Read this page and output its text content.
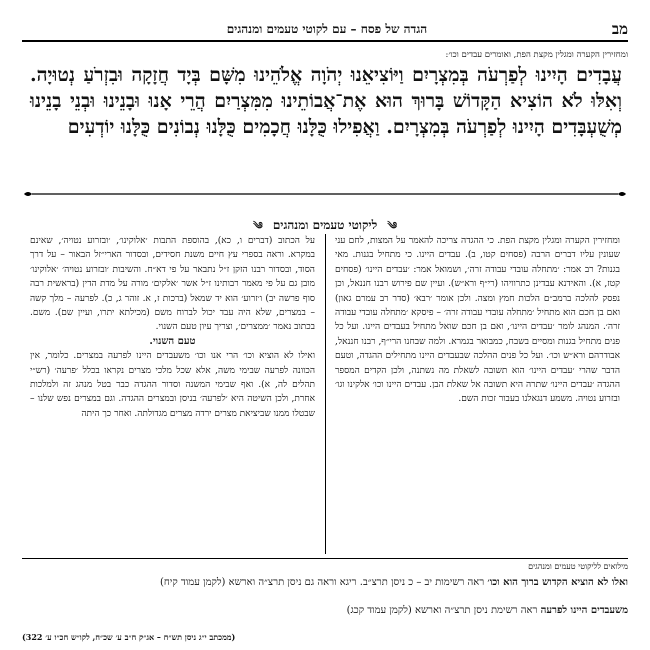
מב
הגדה של פסח – עם לקוטי טעמים ומנהגים
ומחזירין הקערה ומגלין מקצת הפת, ואומרים עבדים וכו׳:
עֲבָדִים הָיִינוּ לְפַרְעֹה בְּמִצְרָיִם וַיּוֹצִיאֵנוּ יְהֹוָה אֱלֹהֵינוּ מִשָּׁם בְּיָד חֲזָקָה וּבִזְרֹעַ נְטוּיָה. וְאִלּוּ לֹא הוֹצִיא הַקָּדוֹשׁ בָּרוּךְ הוּא אֶת־אֲבוֹתֵינוּ מִמִּצְרַיִם הֲרֵי אָנוּ וּבָנֵינוּ וּבְנֵי בָנֵינוּ מְשֻׁעְבָּדִים הָיִינוּ לְפַרְעֹה בְּמִצְרָיִם. וַאֲפִילוּ כֻּלָּנוּ חֲכָמִים כֻּלָּנוּ נְבוֹנִים כֻּלָּנוּ יוֹדְעִים
༄ ליקוטי טעמים ומנהגים ༄
ומחזירין הקערה ומגלין מקצת הפת. כי ההגדה צריכה להאמר על המצות, לחם עני שעונין עליו דברים הרבה (פסחים קטו, ב). עבדים היינו. כי מתחיל בגנות. מאי בגנות? רב אמר: ׳מתחלה עובדי עבודה זרה׳, ושמואל אמר: ׳עבדים היינו׳ (פסחים קטז, א). והאידנא עבדינן כתרוויהו (רי״ף ורא״ש). ועיין שם פירוש רבנו חננאל, וכן נפסק להלכה ברמב״ם הלכות חמץ ומצה. ולכן אומר ׳רבא׳ (סדר רב עמרם גאון) ואם בן חכם הוא מתחיל ׳מתחלה עובדי עבודה זרה׳ – פיסקא ׳מתחלה עובדי עבודה זרה׳. המנהג לומר ׳עבדים היינו׳, ואם בן חכם שואל מתחיל בעבדים היינו. ועל כל פנים מתחיל בגנות ומסיים בשבח, כמבואר בגמרא. ולמה שבחנו הרי״ף, רבנו חננאל, אבודרהם ורא״ש וכו׳. ועל כל פנים ההלכה שבעבדים היינו מתחילים ההגדה, וטעם הדבר שהרי ׳עבדים היינו׳ הוא תשובה לשאלת מה נשתנה, ולכן הקדים המספר ההגדה ׳עבדים היינו׳ שתרה היא תשובה אל שאלת הבן. עבדים היינו וכו׳ אלקינו וגו׳ ובזרוע נטויה. משמע דנגאלנו בעבור זכות השם.
על הכתוב (דברים ו, כא), בהוספת התבות ׳אלוקינו׳, ׳ובזרוע נטויה׳, שאינם במקרא. וראה בספרי עץ חיים משנת חסידים, ובסדור הארי״זל הבאור – על דרך הסוד, ובסדור רבנו הזקן ז״ל נתבאר על פי דא״ח. והשיבות ׳ובזרוע נטויה׳ ׳אלוקינו׳ מובן גם על פי מאמר רבותינו ז״ל אשר ׳אלקים׳ מורה על מדת הדין (בראשית רבה סוף פרשה יב) ו׳זרוע׳ הוא יד שמאל (ברכות ז, א. זוהר ג, כ). לפרעה – מלך קשה – במצרים, שלא היה עבד יכול לברוח משם (מכילתא יתרו, ועיין שם). משם. בכתוב נאמר ׳ממצרים׳, וצריך עיון טעם השנוי.
טעם השנוי.
ואילו לא הוציא וכו׳ הרי אנו וכו׳ משעבדים היינו לפרעה במצרים. כלומר, אין הכוונה לפרעה שבימי משה, אלא שכל מלכי מצרים נקראו בכלל ׳פרעה׳ (רש״י תהלים לה, א). ואף שבימי המשנה וסדור ההגדה כבר בטל מנהג זה ולמלכות אחרת, ולכן השיטה היא ׳לפרעה׳ בניסן ובמצרים ההגדה. וגם במצרים נפש שלנו – שבטלו ממנו שביציאת מצרים ירדה מצרים מגדולתה. ואחר כך היתה
מילואים לליקוטי טעמים ומנהגים
ואלו לא הוציא הקדוש ברוך הוא וכו׳ ראה רשימות יב – כ ניסן תרצ״ב. ריגא וראה גם ניסן תרצ״ה וארשא (לקמן עמוד קיח)
משעבדים היינו לפרעה ראה רשימת ניסן תרצ״ה וארשא (לקמן עמוד קכג)
(ממכתב י״ג ניסן תש״ח – אג״ק ח״ב ע׳ שכ״ח, לקו״ש חכ״ו ע׳ 322)
